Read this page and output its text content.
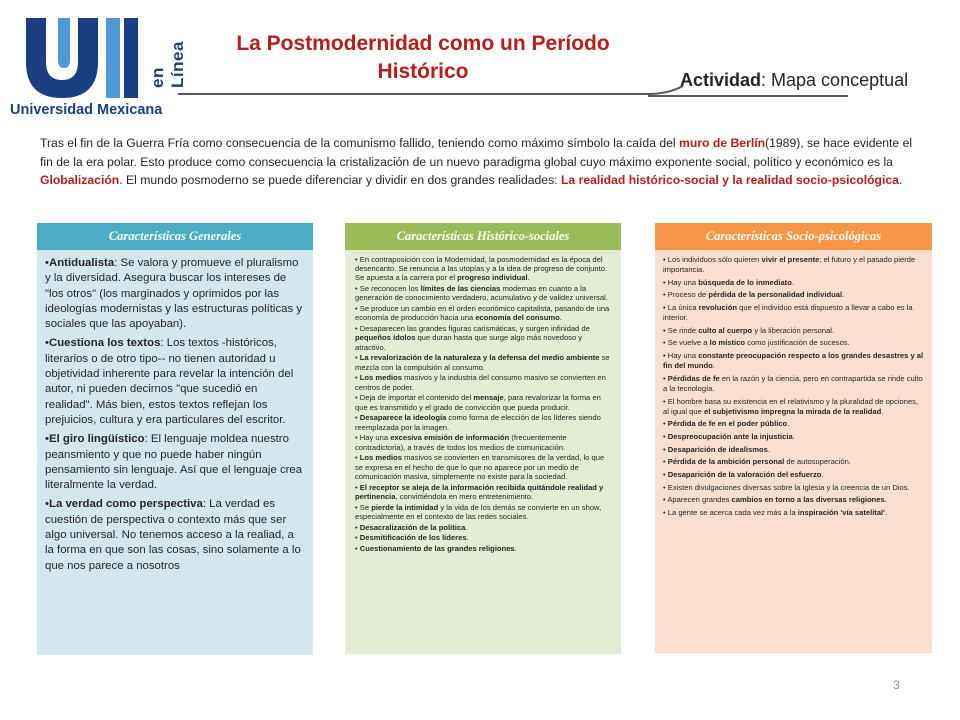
en Línea
Universidad Mexicana
La Postmodernidad como un Período
Histórico	Actividad: Mapa conceptual
Tras el fin de la Guerra Fría como consecuencia de la comunismo fallido, teniendo como máximo símbolo la caída del muro de Berlín(1989), se hace evidente el fin de la era polar. Esto produce como consecuencia la cristalización de un nuevo paradigma global cuyo máximo exponente social, político y económico es la Globalización. El mundo posmoderno se puede diferenciar y dividir en dos grandes realidades: La realidad histórico-social y la realidad socio-psicológica.
Características Generales
•Antidualista: Se valora y promueve el pluralismo y la diversidad. Asegura buscar los intereses de "los otros" (los marginados y oprimidos por las ideologías modernistas y las estructuras políticas y sociales que las apoyaban).
•Cuestiona los textos: Los textos -históricos, literarios o de otro tipo-- no tienen autoridad u objetividad inherente para revelar la intención del autor, ni pueden decirnos "que sucedió en realidad". Más bien, estos textos reflejan los prejuicios, cultura y era particulares del escritor.
•El giro lingüístico: El lenguaje moldea nuestro peansmiento y que no puede haber ningún pensamiento sin lenguaje. Así que el lenguaje crea literalmente la verdad.
•La verdad como perspectiva: La verdad es cuestión de perspectiva o contexto más que ser algo universal. No tenemos acceso a la realiad, a la forma en que son las cosas, sino solamente a lo que nos parece a nosotros
Características Histórico-sociales
• En contraposición con la Modernidad, la posmodernidad es la época del desencanto. Se renuncia a las utopías y a la idea de progreso de conjunto. Se apuesta a la carrera por el progreso individual.
• Se reconocen los límites de las ciencias modernas en cuanto a la generación de conocimiento verdadero, acumulativo y de validez universal.
• Se produce un cambio en el orden económico capitalista, pasando de una economía de producción hacia una economía del consumo.
• Desaparecen las grandes figuras carismáticas, y surgen infinidad de pequeños ídolos que duran hasta que surge algo más novedoso y atractivo.
• La revalorización de la naturaleza y la defensa del medio ambiente se mezcla con la compulsión al consumo.
• Los medios masivos y la industria del consumo masivo se convierten en centros de poder.
• Deja de importar el contenido del mensaje, para revalorizar la forma en que es transmitido y el grado de convicción que pueda producir.
• Desaparece la ideología como forma de elección de los líderes siendo reemplazada por la imagen.
• Hay una excesiva emisión de información (frecuentemente contradictoria), a través de todos los medios de comunicación.
• Los medios masivos se convierten en transmisores de la verdad, lo que se expresa en el hecho de que lo que no aparece por un medio de comunicación masiva, simplemente no existe para la sociedad.
• El receptor se aleja de la información recibida quitándole realidad y pertinencia, convirtiéndola en mero entretenimiento.
• Se pierde la intimidad y la vida de los demás se convierte en un show, especialmente en el contexto de las redes sociales.
• Desacralización de la política.
• Desmitificación de los líderes.
• Cuestionamiento de las grandes religiones.
Características Socio-psicológicas
• Los individuos sólo quieren vivir el presente; el futuro y el pasado pierde importancia.
• Hay una búsqueda de lo inmediato.
• Proceso de pérdida de la personalidad individual.
• La única revolución que el individuo está dispuesto a llevar a cabo es la interior.
• Se rinde culto al cuerpo y la liberación personal.
• Se vuelve a lo místico como justificación de sucesos.
• Hay una constante preocupación respecto a los grandes desastres y al fin del mundo.
• Pérdidas de fe en la razón y la ciencia, pero en contrapartida se rinde culto a la tecnología.
• El hombre basa su existencia en el relativismo y la pluralidad de opciones, al igual que el subjetivismo impregna la mirada de la realidad.
• Pérdida de fe en el poder público.
• Despreocupación ante la injusticia.
• Desaparición de idealismos.
• Pérdida de la ambición personal de autosuperación.
• Desaparición de la valoración del esfuerzo.
• Existen divulgaciones diversas sobre la Iglesia y la creencia de un Dios.
• Aparecen grandes cambios en torno a las diversas religiones.
• La gente se acerca cada vez más a la inspiración 'vía satelital'.
3
